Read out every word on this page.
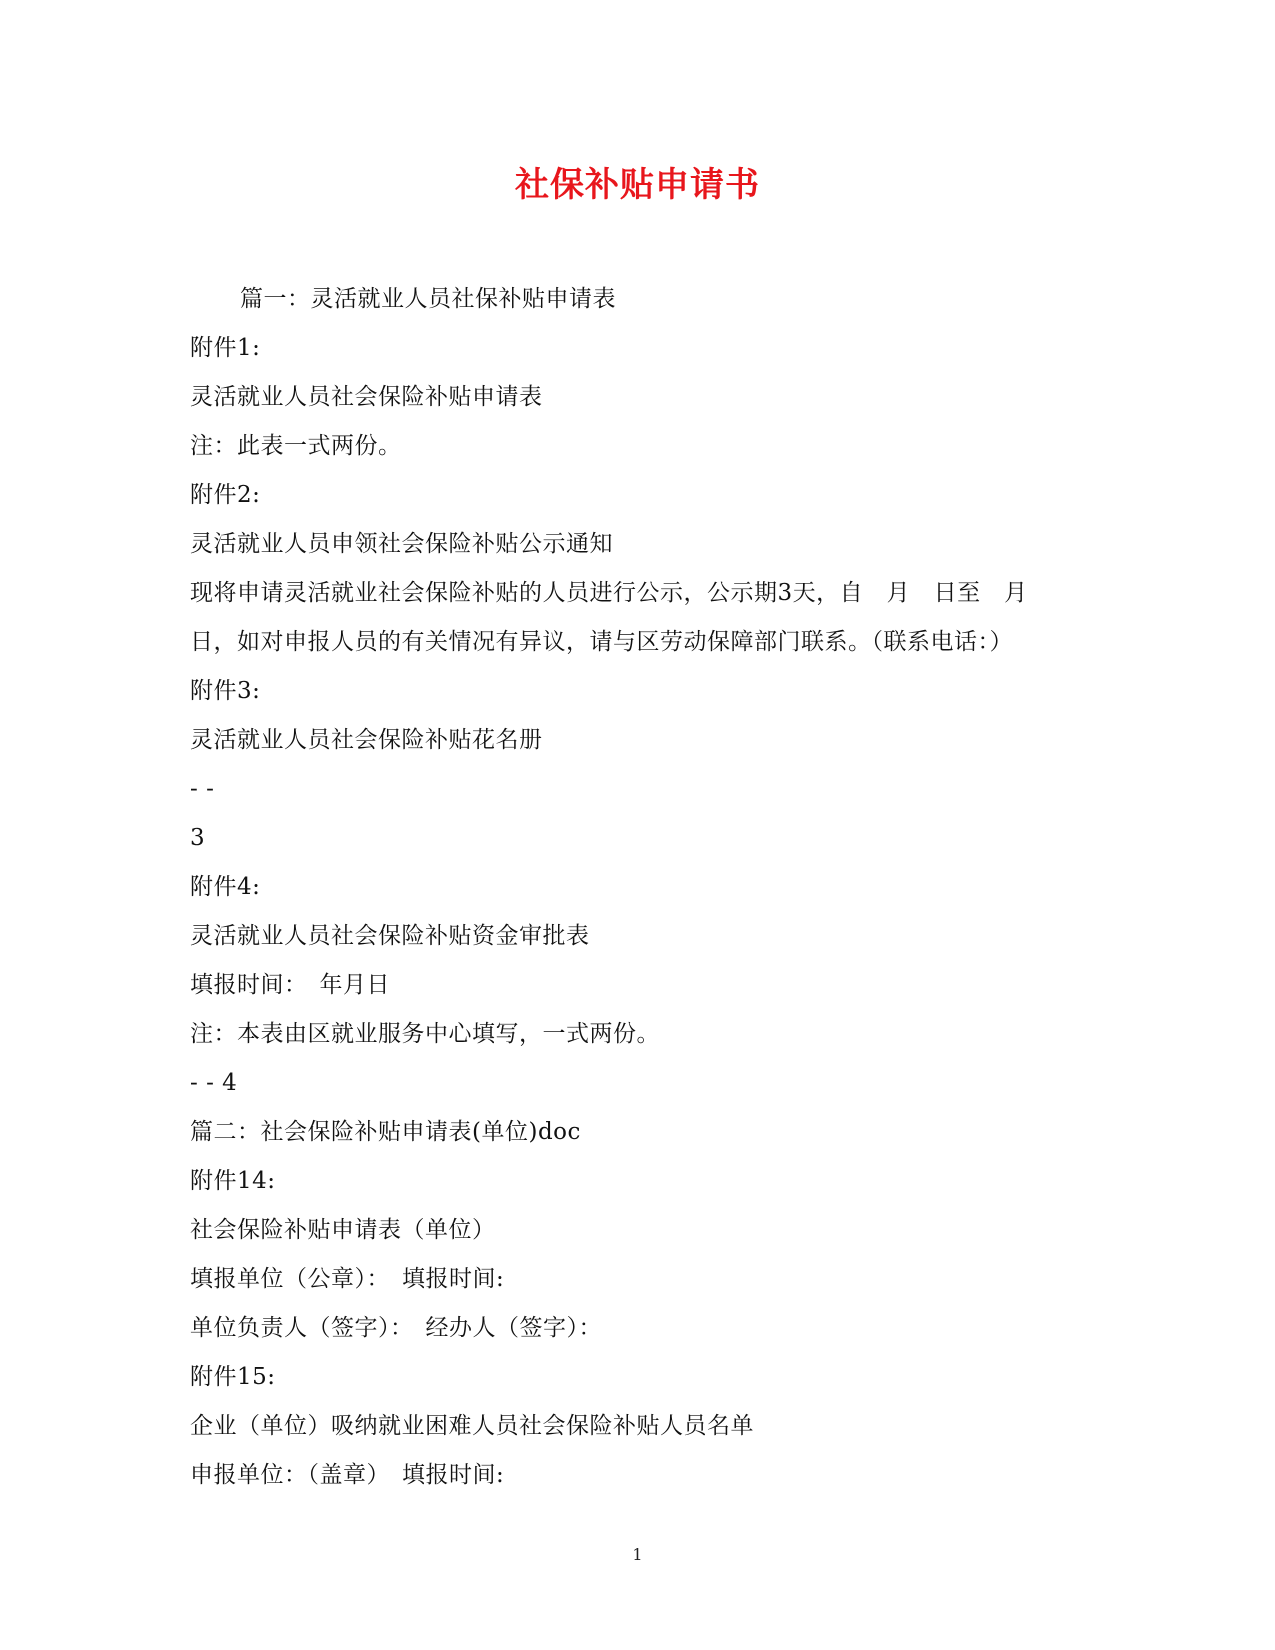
社保补贴申请书
篇一：灵活就业人员社保补贴申请表
附件1:
灵活就业人员社会保险补贴申请表
注：此表一式两份。
附件2:
灵活就业人员申领社会保险补贴公示通知
现将申请灵活就业社会保险补贴的人员进行公示，公示期3天，自　月　日至　月
日，如对申报人员的有关情况有异议，请与区劳动保障部门联系。（联系电话：）
附件3:
灵活就业人员社会保险补贴花名册
- -
3
附件4:
灵活就业人员社会保险补贴资金审批表
填报时间：　年月日
注：本表由区就业服务中心填写，一式两份。
- - 4
篇二：社会保险补贴申请表(单位)doc
附件14:
社会保险补贴申请表（单位）
填报单位（公章）：　填报时间:
单位负责人（签字）：　经办人（签字）：
附件15:
企业（单位）吸纳就业困难人员社会保险补贴人员名单
申报单位：（盖章）　填报时间:
1
